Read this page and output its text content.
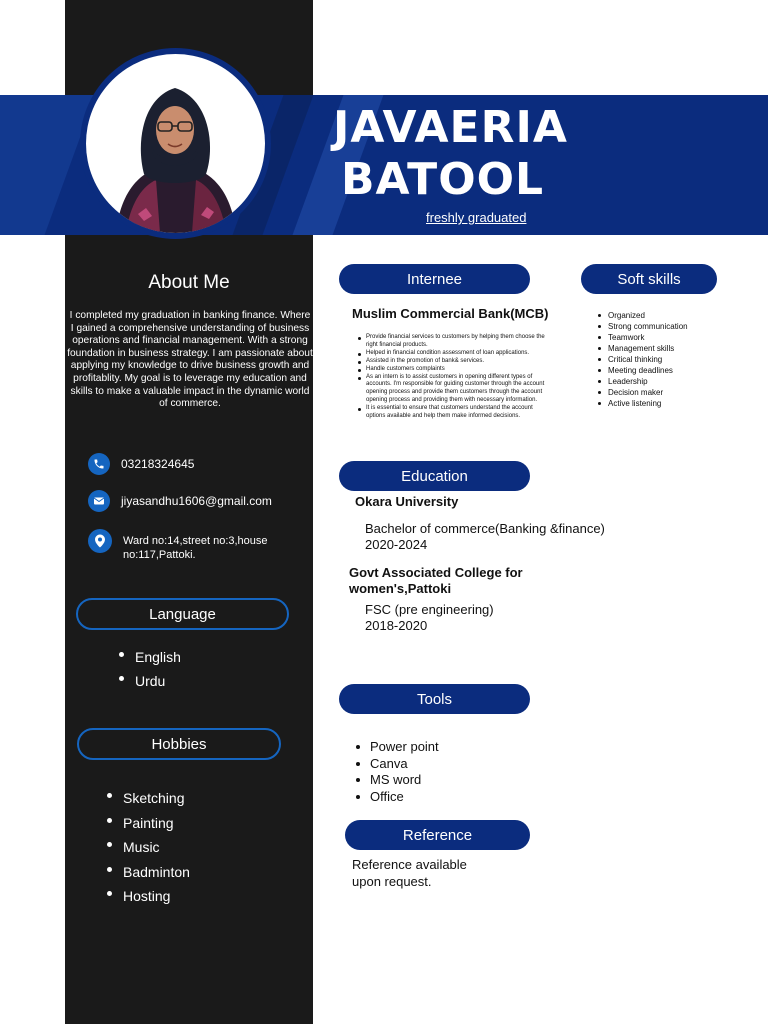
JAVAERIA
BATOOL
freshly graduated
About Me
I completed my graduation in banking finance. Where I gained a comprehensive understanding of business operations and financial management. With a strong foundation in business strategy. I am passionate about applying my knowledge to drive business growth and profitablity. My goal is to leverage my education and skills to make a valuable impact in the dynamic world of commerce.
03218324645
jiyasandhu1606@gmail.com
Ward no:14,street no:3,house no:117,Pattoki.
Language
English
Urdu
Hobbies
Sketching
Painting
Music
Badminton
Hosting
Internee
Muslim Commercial Bank(MCB)
Provide financial services to customers by helping them choose the right financial products.
Helped in financial condition assessment of loan applications.
Assisted in the promotion of bank& services.
Handle customers complaints
As an intern is to assist customers in opening different types of accounts. I'm responsible for guiding customer through the account opening process and provide them customers through the account opening process and providing them with necessary information.
It is essential to ensure that customers understand the account options available and help them make informed decisions.
Soft skills
Organized
Strong communication
Teamwork
Management skills
Critical thinking
Meeting deadlines
Leadership
Decision maker
Active listening
Education
Okara University
Bachelor of commerce(Banking &finance)
2020-2024
Govt Associated College for women's,Pattoki
FSC (pre engineering)
2018-2020
Tools
Power point
Canva
MS word
Office
Reference
Reference available upon request.
